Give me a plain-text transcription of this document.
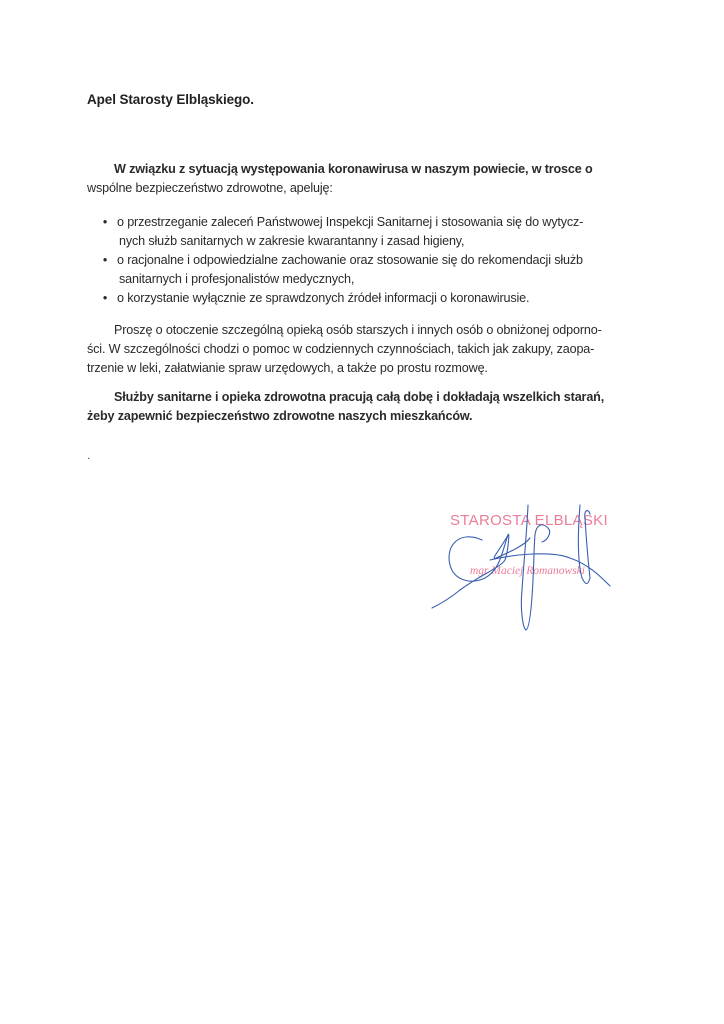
Apel Starosty Elbląskiego.
W związku z sytuacją występowania koronawirusa w naszym powiecie, w trosce o
wspólne bezpieczeństwo zdrowotne, apeluję:
• o przestrzeganie zaleceń Państwowej Inspekcji Sanitarnej i stosowania się do wytycz-
nych służb sanitarnych w zakresie kwarantanny i zasad higieny,
• o racjonalne i odpowiedzialne zachowanie oraz stosowanie się do rekomendacji służb
sanitarnych i profesjonalistów medycznych,
• o korzystanie wyłącznie ze sprawdzonych źródeł informacji o koronawirusie.
Proszę o otoczenie szczególną opieką osób starszych i innych osób o obniżonej odporno-
ści. W szczególności chodzi o pomoc w codziennych czynnościach, takich jak zakupy, zaopa-
trzenie w leki, załatwianie spraw urzędowych, a także po prostu rozmowę.
Służby sanitarne i opieka zdrowotna pracują całą dobę i dokładają wszelkich starań,
żeby zapewnić bezpieczeństwo zdrowotne naszych mieszkańców.
.
STAROSTA ELBLĄSKI
mgr Maciej Romanowski
